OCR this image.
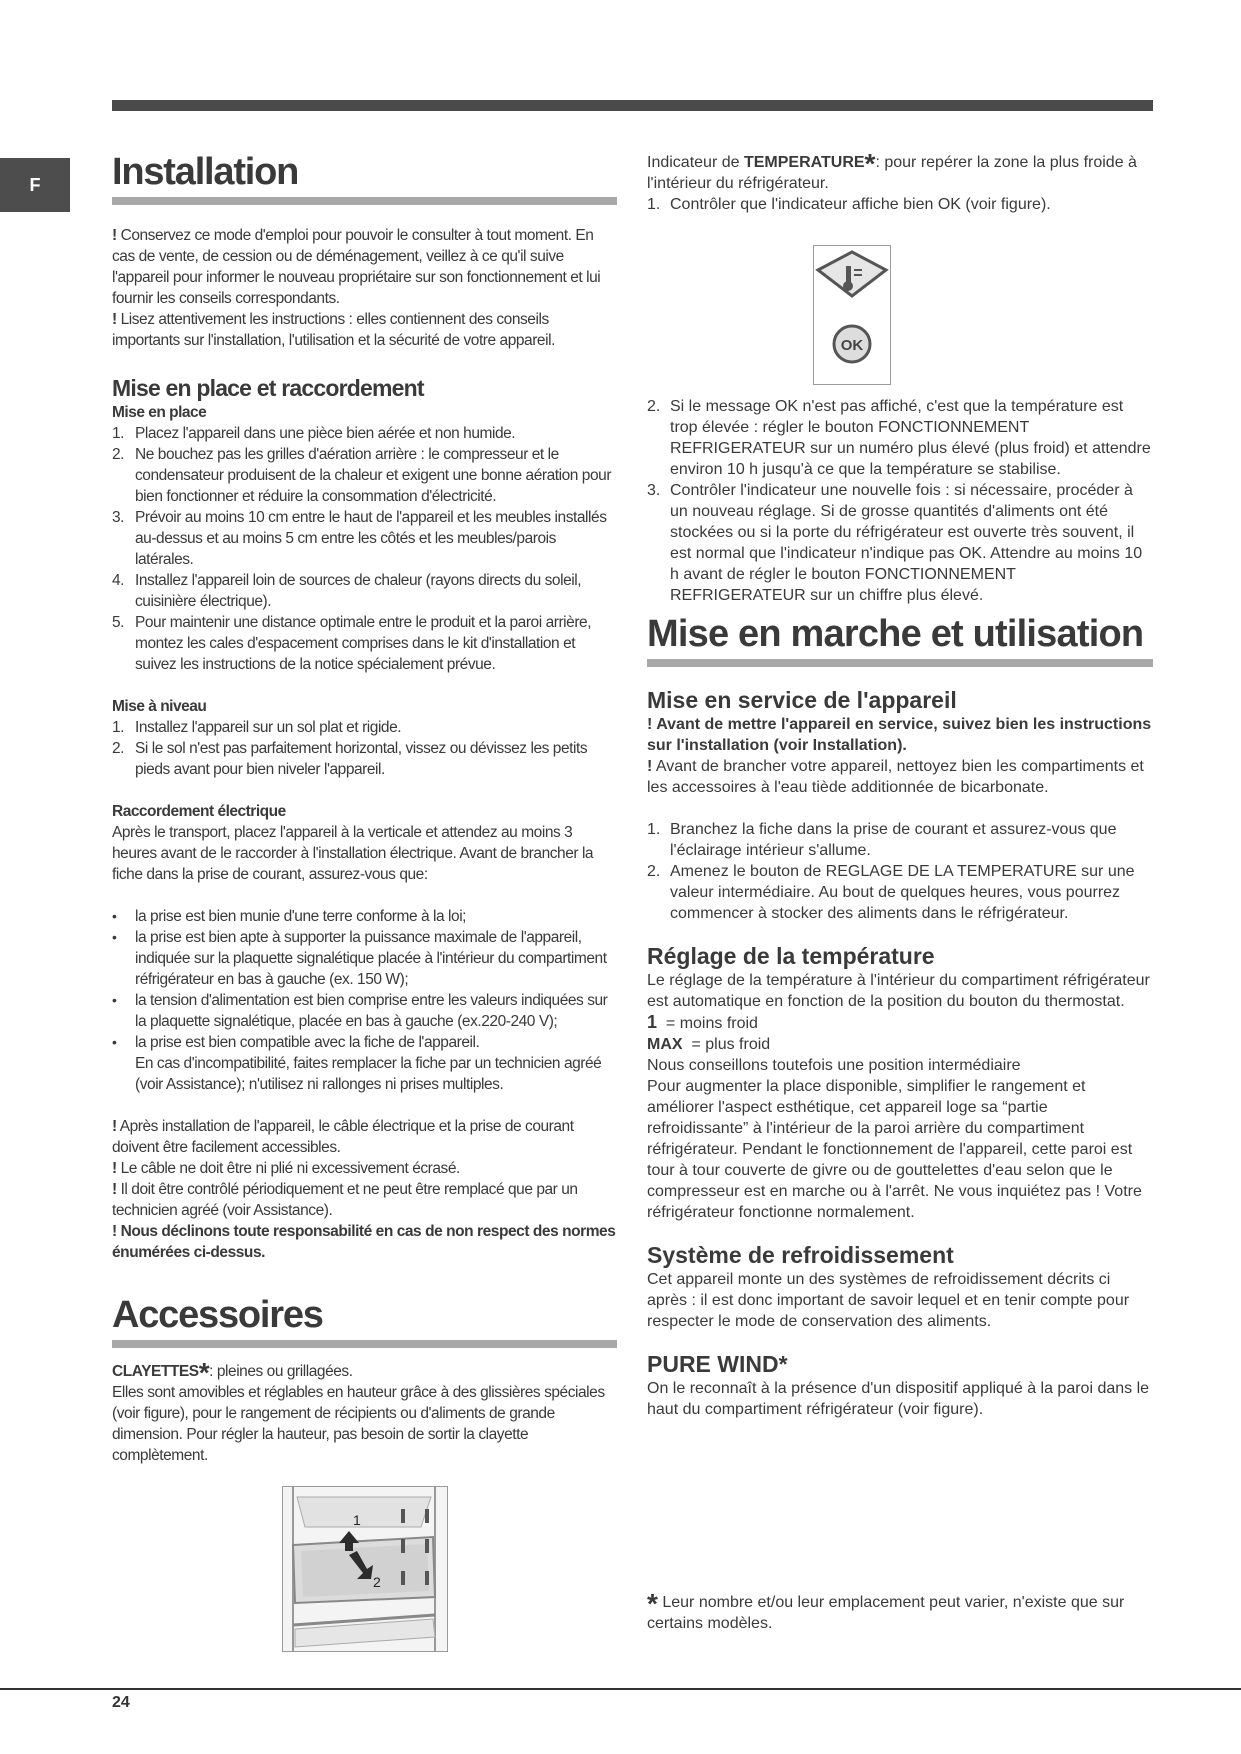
F	Installation

! Conservez ce mode d'emploi pour pouvoir le consulter à tout moment. En cas de vente, de cession ou de déménagement, veillez à ce qu'il suive l'appareil pour informer le nouveau propriétaire sur son fonctionnement et lui fournir les conseils correspondants.

! Lisez attentivement les instructions : elles contiennent des conseils importants sur l'installation, l'utilisation et la sécurité de votre appareil.

Mise en place et raccordement
Mise en place
1. Placez l'appareil dans une pièce bien aérée et non humide.
2. Ne bouchez pas les grilles d'aération arrière : le compresseur et le condensateur produisent de la chaleur et exigent une bonne aération pour bien fonctionner et réduire la consommation d'électricité.
3. Prévoir au moins 10 cm entre le haut de l'appareil et les meubles installés au-dessus et au moins 5 cm entre les côtés et les meubles/parois latérales.
4. Installez l'appareil loin de sources de chaleur (rayons directs du soleil, cuisinière électrique).
5. Pour maintenir une distance optimale entre le produit et la paroi arrière, montez les cales d'espacement comprises dans le kit d'installation et suivez les instructions de la notice spécialement prévue.
Mise à niveau
1. Installez l'appareil sur un sol plat et rigide.
2. Si le sol n'est pas parfaitement horizontal, vissez ou dévissez les petits pieds avant pour bien niveler l'appareil.
Raccordement électrique

Après le transport, placez l'appareil à la verticale et attendez au moins 3 heures avant de le raccorder à l'installation électrique. Avant de brancher la fiche dans la prise de courant, assurez-vous que:

• la prise est bien munie d'une terre conforme à la loi;
• la prise est bien apte à supporter la puissance maximale de l'appareil, indiquée sur la plaquette signalétique placée à l'intérieur du compartiment réfrigérateur en bas à gauche (ex. 150 W);
• la tension d'alimentation est bien comprise entre les valeurs indiquées sur la plaquette signalétique, placée en bas à gauche (ex.220-240 V);
• la prise est bien compatible avec la fiche de l'appareil.
En cas d'incompatibilité, faites remplacer la fiche par un technicien agréé (voir Assistance); n'utilisez ni rallonges ni prises multiples.

! Après installation de l'appareil, le câble électrique et la prise de courant doivent être facilement accessibles.

! Le câble ne doit être ni plié ni excessivement écrasé.

! Il doit être contrôlé périodiquement et ne peut être remplacé que par un technicien agréé (voir Assistance).

! Nous déclinons toute responsabilité en cas de non respect des normes énumérées ci-dessus.

Accessoires

CLAYETTES*: pleines ou grillagées.

Elles sont amovibles et réglables en hauteur grâce à des glissières spéciales (voir figure), pour le rangement de récipients ou d'aliments de grande dimension. Pour régler la hauteur, pas besoin de sortir la clayette complètement.

1
2

Indicateur de TEMPERATURE*: pour repérer la zone la plus froide à l'intérieur du réfrigérateur.

1. Contrôler que l'indicateur affiche bien OK (voir figure).
OK
2. Si le message OK n'est pas affiché, c'est que la température est trop élevée : régler le bouton FONCTIONNEMENT REFRIGERATEUR sur un numéro plus élevé (plus froid) et attendre environ 10 h jusqu'à ce que la température se stabilise.
3. Contrôler l'indicateur une nouvelle fois : si nécessaire, procéder à un nouveau réglage. Si de grosse quantités d'aliments ont été stockées ou si la porte du réfrigérateur est ouverte très souvent, il est normal que l'indicateur n'indique pas OK. Attendre au moins 10 h avant de régler le bouton FONCTIONNEMENT REFRIGERATEUR sur un chiffre plus élevé.
Mise en marche et utilisation
Mise en service de l'appareil

! Avant de mettre l'appareil en service, suivez bien les instructions sur l'installation (voir Installation).

! Avant de brancher votre appareil, nettoyez bien les compartiments et les accessoires à l'eau tiède additionnée de bicarbonate.

1. Branchez la fiche dans la prise de courant et assurez-vous que l'éclairage intérieur s'allume.
2. Amenez le bouton de REGLAGE DE LA TEMPERATURE sur une valeur intermédiaire. Au bout de quelques heures, vous pourrez commencer à stocker des aliments dans le réfrigérateur.
Réglage de la température

Le réglage de la température à l'intérieur du compartiment réfrigérateur est automatique en fonction de la position du bouton du thermostat.

1 = moins froid

MAX = plus froid

Nous conseillons toutefois une position intermédiaire

Pour augmenter la place disponible, simplifier le rangement et améliorer l'aspect esthétique, cet appareil loge sa “partie refroidissante” à l'intérieur de la paroi arrière du compartiment réfrigérateur. Pendant le fonctionnement de l'appareil, cette paroi est tour à tour couverte de givre ou de gouttelettes d'eau selon que le compresseur est en marche ou à l'arrêt. Ne vous inquiétez pas ! Votre réfrigérateur fonctionne normalement.

Système de refroidissement

Cet appareil monte un des systèmes de refroidissement décrits ci après : il est donc important de savoir lequel et en tenir compte pour respecter le mode de conservation des aliments.

PURE WIND*

On le reconnaît à la présence d'un dispositif appliqué à la paroi dans le haut du compartiment réfrigérateur (voir figure).

* Leur nombre et/ou leur emplacement peut varier, n'existe que sur certains modèles.

24
